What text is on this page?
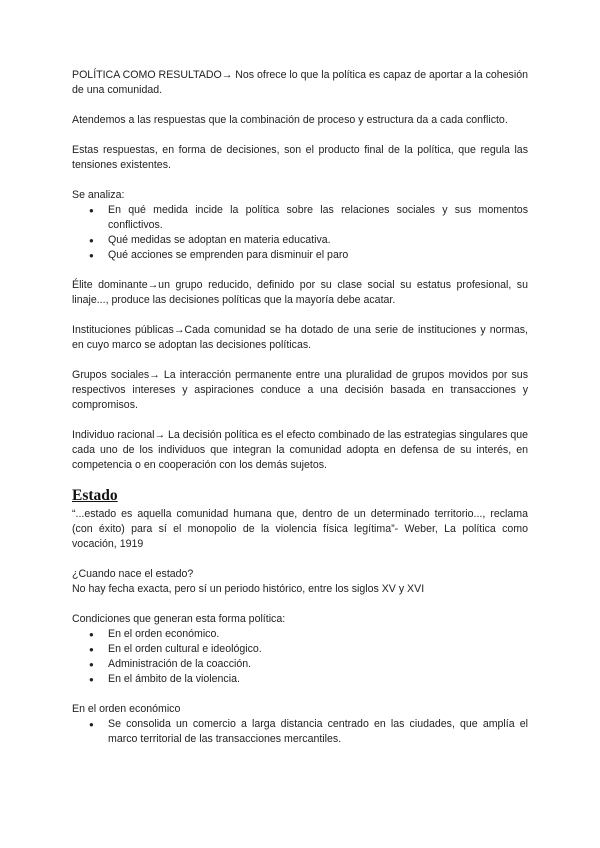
POLÍTICA COMO RESULTADO→ Nos ofrece lo que la política es capaz de aportar a la cohesión de una comunidad.

Atendemos a las respuestas que la combinación de proceso y estructura da a cada conflicto.

Estas respuestas, en forma de decisiones, son el producto final de la política, que regula las tensiones existentes.

Se analiza:

● En qué medida incide la política sobre las relaciones sociales y sus momentos conflictivos.
● Qué medidas se adoptan en materia educativa.
● Qué acciones se emprenden para disminuir el paro

Élite dominante→un grupo reducido, definido por su clase social su estatus profesional, su linaje..., produce las decisiones políticas que la mayoría debe acatar.

Instituciones públicas→Cada comunidad se ha dotado de una serie de instituciones y normas, en cuyo marco se adoptan las decisiones políticas.

Grupos sociales→ La interacción permanente entre una pluralidad de grupos movidos por sus respectivos intereses y aspiraciones conduce a una decisión basada en transacciones y compromisos.

Individuo racional→ La decisión política es el efecto combinado de las estrategias singulares que cada uno de los individuos que integran la comunidad adopta en defensa de su interés, en competencia o en cooperación con los demás sujetos.

Estado

“...estado es aquella comunidad humana que, dentro de un determinado territorio..., reclama (con éxito) para sí el monopolio de la violencia física legítima”- Weber, La política como vocación, 1919

¿Cuando nace el estado?

No hay fecha exacta, pero sí un periodo histórico, entre los siglos XV y XVI

Condiciones que generan esta forma política:

● En el orden económico.
● En el orden cultural e ideológico.
● Administración de la coacción.
● En el ámbito de la violencia.

En el orden económico

● Se consolida un comercio a larga distancia centrado en las ciudades, que amplía el marco territorial de las transacciones mercantiles.
